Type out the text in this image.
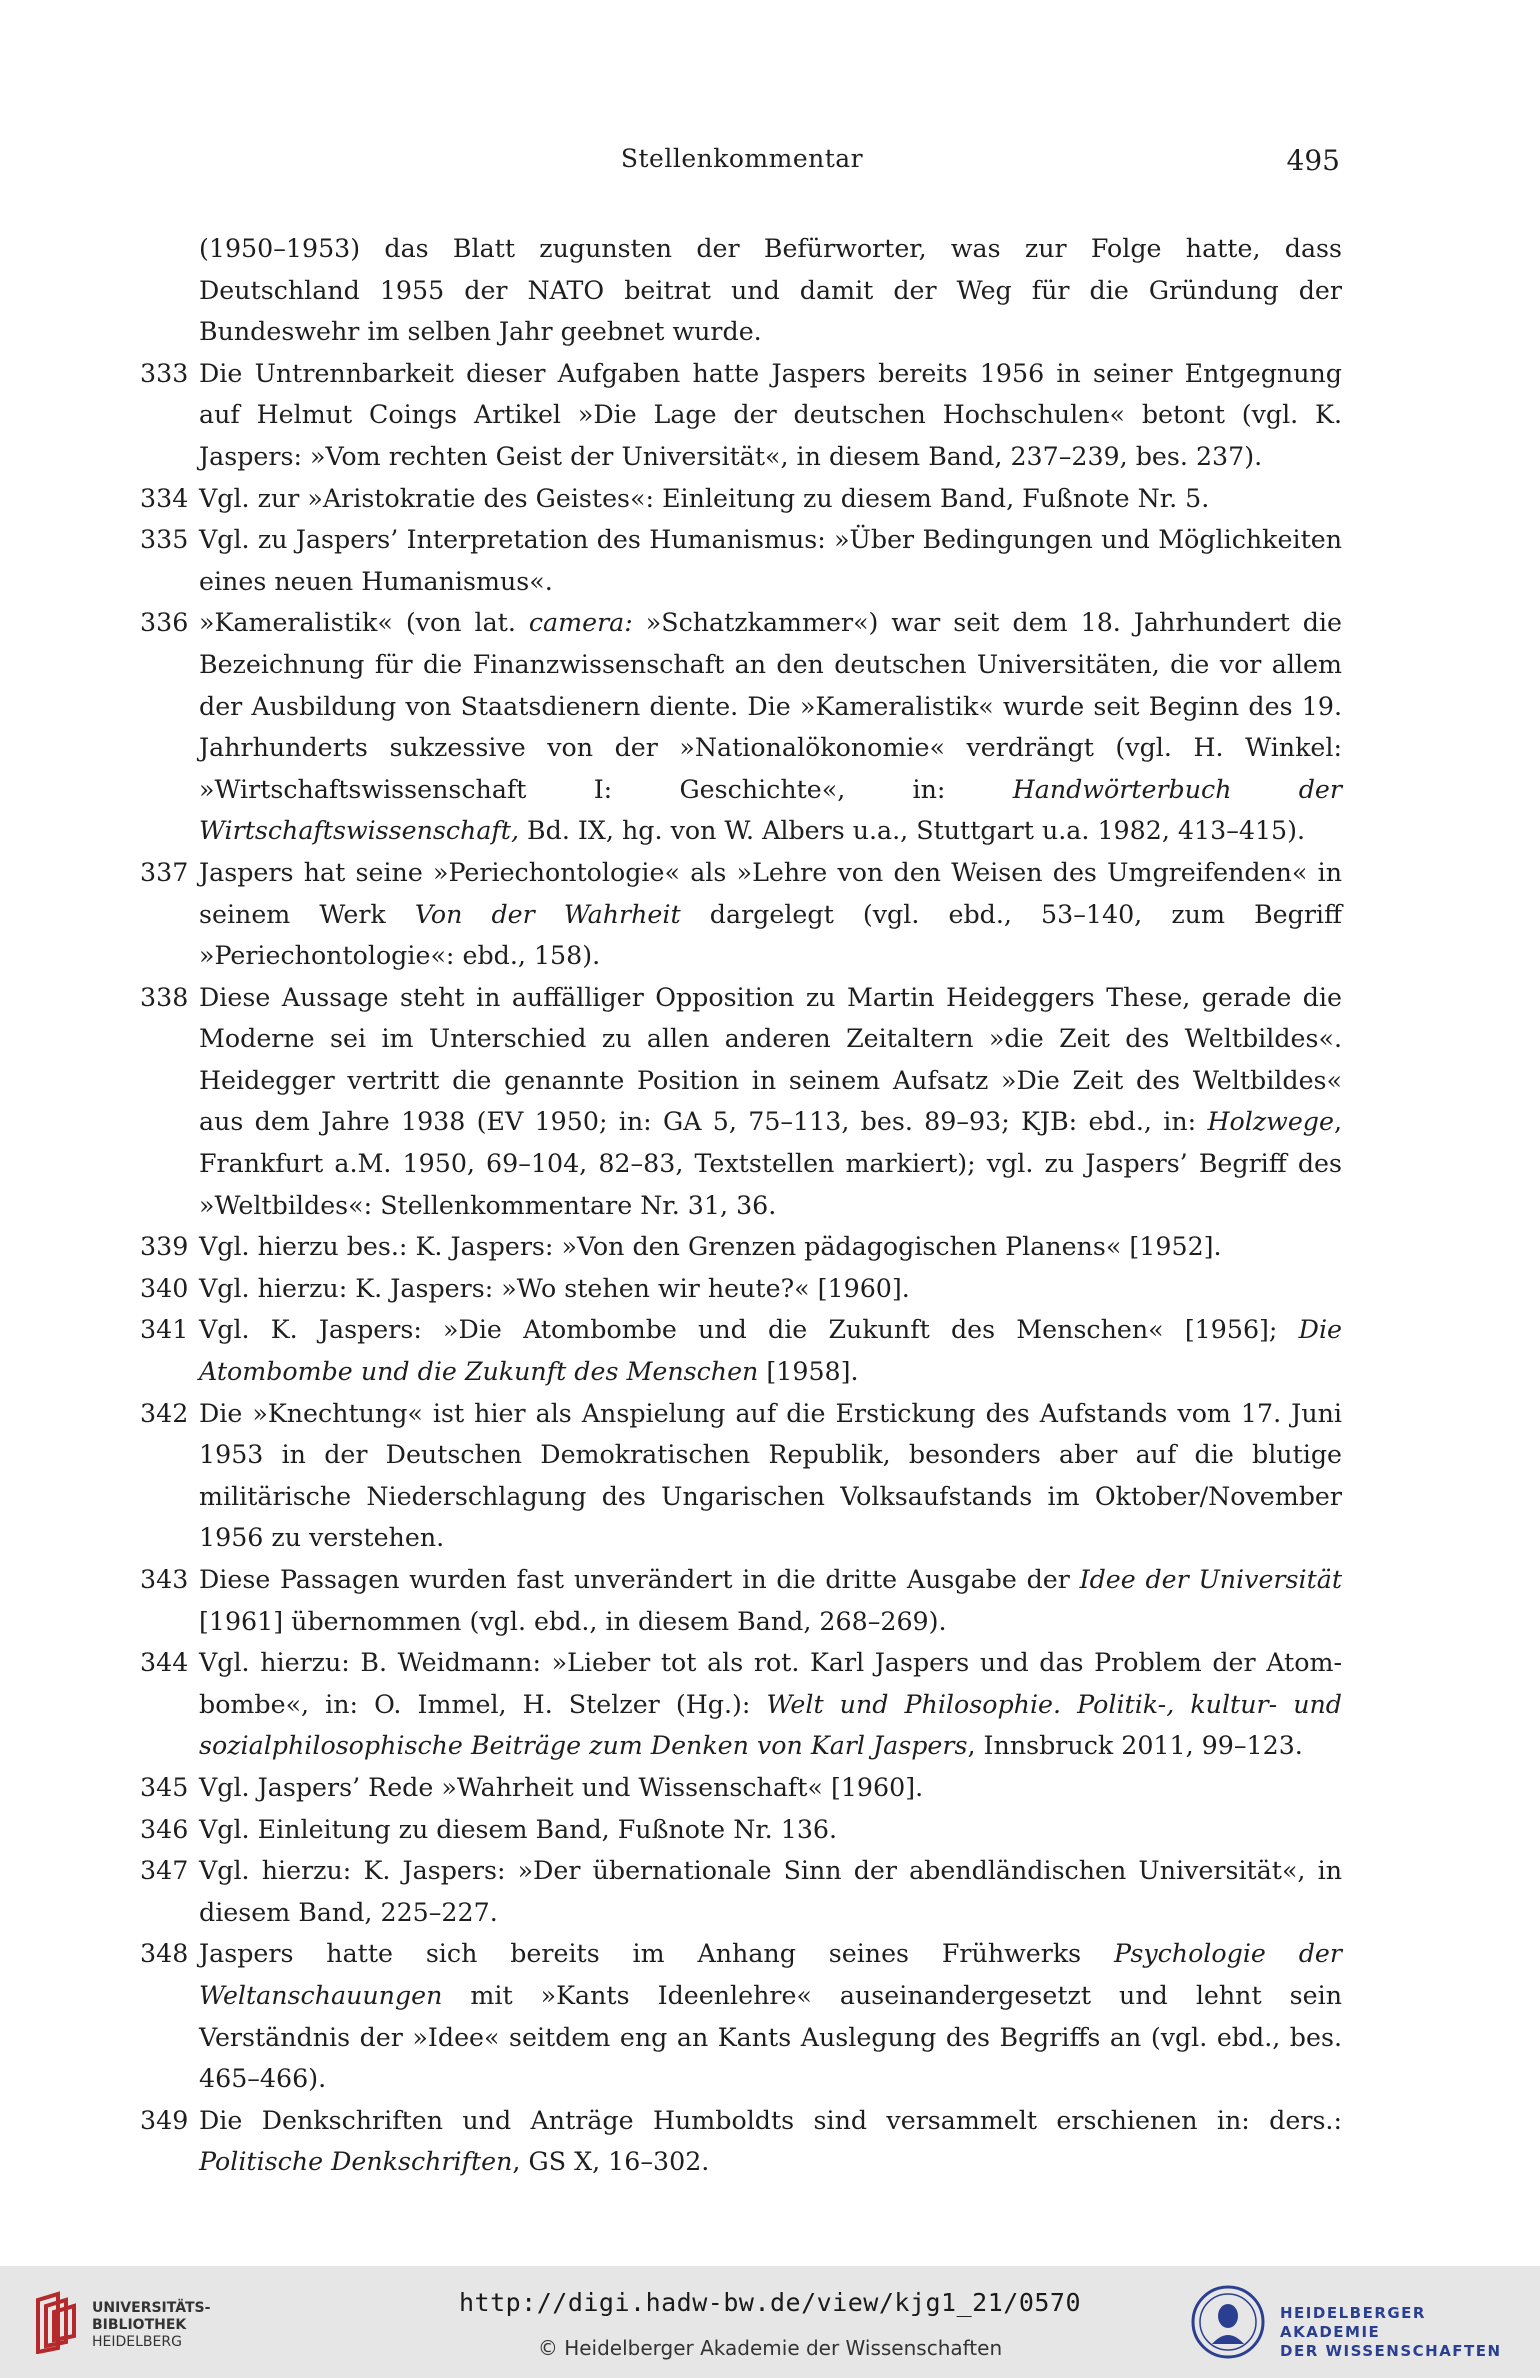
Stellenkommentar	495
(1950–1953) das Blatt zugunsten der Befürworter, was zur Folge hatte, dass Deutschland 1955 der NATO beitrat und damit der Weg für die Gründung der Bundeswehr im selben Jahr geebnet wurde.
333 Die Untrennbarkeit dieser Aufgaben hatte Jaspers bereits 1956 in seiner Entgegnung auf Helmut Coings Artikel »Die Lage der deutschen Hochschulen« betont (vgl. K. Jaspers: »Vom rechten Geist der Universität«, in diesem Band, 237–239, bes. 237).
334 Vgl. zur »Aristokratie des Geistes«: Einleitung zu diesem Band, Fußnote Nr. 5.
335 Vgl. zu Jaspers’ Interpretation des Humanismus: »Über Bedingungen und Möglichkeiten eines neuen Humanismus«.
336 »Kameralistik« (von lat. camera: »Schatzkammer«) war seit dem 18. Jahrhundert die Bezeichnung für die Finanzwissenschaft an den deutschen Universitäten, die vor allem der Ausbildung von Staatsdienern diente. Die »Kameralistik« wurde seit Beginn des 19. Jahrhunderts sukzessive von der »Nationalökonomie« verdrängt (vgl. H. Winkel: »Wirtschaftswissenschaft I: Geschichte«, in: Handwörterbuch der Wirtschaftswissenschaft, Bd. IX, hg. von W. Albers u.a., Stuttgart u.a. 1982, 413–415).
337 Jaspers hat seine »Periechontologie« als »Lehre von den Weisen des Umgreifenden« in seinem Werk Von der Wahrheit dargelegt (vgl. ebd., 53–140, zum Begriff »Periechontologie«: ebd., 158).
338 Diese Aussage steht in auffälliger Opposition zu Martin Heideggers These, gerade die Moderne sei im Unterschied zu allen anderen Zeitaltern »die Zeit des Weltbildes«. Heidegger vertritt die genannte Position in seinem Aufsatz »Die Zeit des Weltbildes« aus dem Jahre 1938 (EV 1950; in: GA 5, 75–113, bes. 89–93; KJB: ebd., in: Holzwege, Frankfurt a.M. 1950, 69–104, 82–83, Textstellen markiert); vgl. zu Jaspers’ Begriff des »Weltbildes«: Stellenkommentare Nr. 31, 36.
339 Vgl. hierzu bes.: K. Jaspers: »Von den Grenzen pädagogischen Planens« [1952].
340 Vgl. hierzu: K. Jaspers: »Wo stehen wir heute?« [1960].
341 Vgl. K. Jaspers: »Die Atombombe und die Zukunft des Menschen« [1956]; Die Atombombe und die Zukunft des Menschen [1958].
342 Die »Knechtung« ist hier als Anspielung auf die Erstickung des Aufstands vom 17. Juni 1953 in der Deutschen Demokratischen Republik, besonders aber auf die blutige militärische Niederschlagung des Ungarischen Volksaufstands im Oktober/November 1956 zu verstehen.
343 Diese Passagen wurden fast unverändert in die dritte Ausgabe der Idee der Universität [1961] übernommen (vgl. ebd., in diesem Band, 268–269).
344 Vgl. hierzu: B. Weidmann: »Lieber tot als rot. Karl Jaspers und das Problem der Atombombe«, in: O. Immel, H. Stelzer (Hg.): Welt und Philosophie. Politik-, kultur- und sozialphilosophische Beiträge zum Denken von Karl Jaspers, Innsbruck 2011, 99–123.
345 Vgl. Jaspers’ Rede »Wahrheit und Wissenschaft« [1960].
346 Vgl. Einleitung zu diesem Band, Fußnote Nr. 136.
347 Vgl. hierzu: K. Jaspers: »Der übernationale Sinn der abendländischen Universität«, in diesem Band, 225–227.
348 Jaspers hatte sich bereits im Anhang seines Frühwerks Psychologie der Weltanschauungen mit »Kants Ideenlehre« auseinandergesetzt und lehnt sein Verständnis der »Idee« seitdem eng an Kants Auslegung des Begriffs an (vgl. ebd., bes. 465–466).
349 Die Denkschriften und Anträge Humboldts sind versammelt erschienen in: ders.: Politische Denkschriften, GS X, 16–302.
UNIVERSITÄTS-
BIBLIOTHEK
HEIDELBERG
http://digi.hadw-bw.de/view/kjg1_21/0570
© Heidelberger Akademie der Wissenschaften
HEIDELBERGER AKADEMIE
DER WISSENSCHAFTEN
